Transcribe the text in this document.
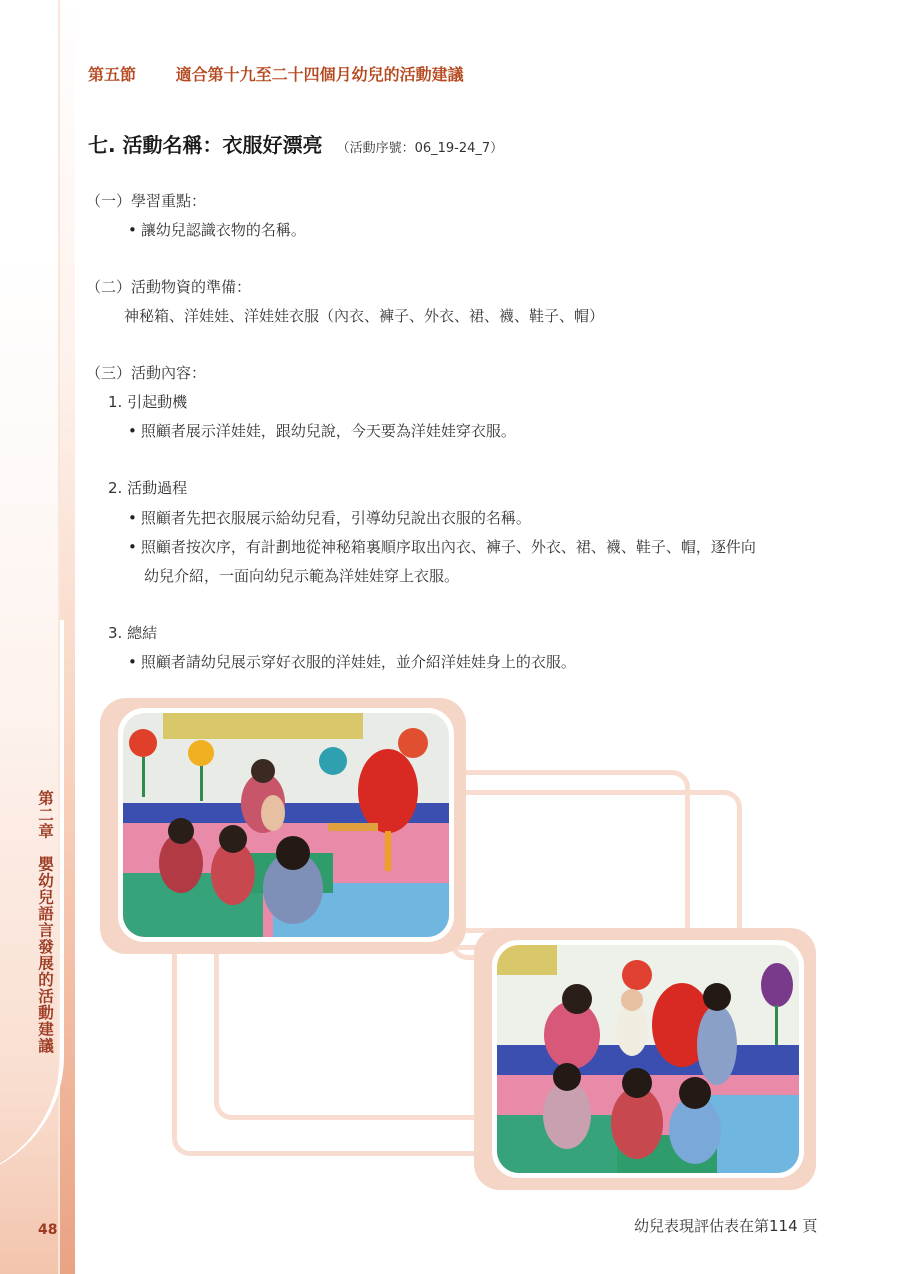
第二章　嬰幼兒語言發展的活動建議
48
第五節 適合第十九至二十四個月幼兒的活動建議
七. 活動名稱：衣服好漂亮 （活動序號：06_19-24_7）
（一）學習重點：
• 讓幼兒認識衣物的名稱。
（二）活動物資的準備：
神秘箱、洋娃娃、洋娃娃衣服（內衣、褲子、外衣、裙、襪、鞋子、帽）
（三）活動內容：
1. 引起動機
• 照顧者展示洋娃娃，跟幼兒說，今天要為洋娃娃穿衣服。
2. 活動過程
• 照顧者先把衣服展示給幼兒看，引導幼兒說出衣服的名稱。
• 照顧者按次序，有計劃地從神秘箱裏順序取出內衣、褲子、外衣、裙、襪、鞋子、帽，逐件向
幼兒介紹，一面向幼兒示範為洋娃娃穿上衣服。
3. 總結
• 照顧者請幼兒展示穿好衣服的洋娃娃，並介紹洋娃娃身上的衣服。
幼兒表現評估表在第114 頁
